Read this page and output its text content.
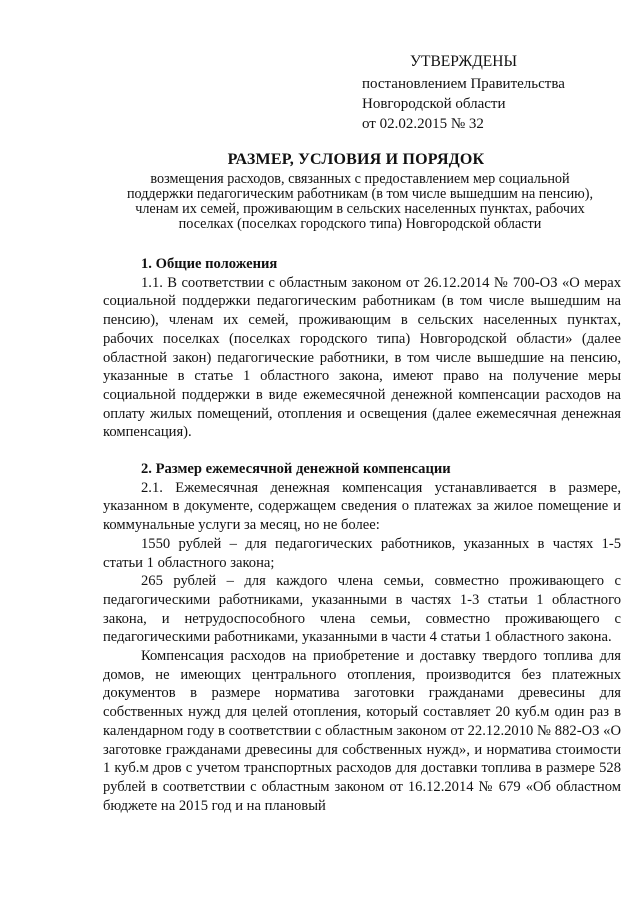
УТВЕРЖДЕНЫ
постановлением Правительства
Новгородской области
от 02.02.2015 № 32
РАЗМЕР, УСЛОВИЯ И ПОРЯДОК
возмещения расходов, связанных с предоставлением мер социальной поддержки педагогическим работникам (в том числе вышедшим на пенсию), членам их семей, проживающим в сельских населенных пунктах, рабочих поселках (поселках городского типа) Новгородской области
1. Общие положения

1.1. В соответствии с областным законом от 26.12.2014 № 700-ОЗ «О мерах социальной поддержки педагогическим работникам (в том числе вышедшим на пенсию), членам их семей, проживающим в сельских населенных пунктах, рабочих поселках (поселках городского типа) Новгородской области» (далее областной закон) педагогические работники, в том числе вышедшие на пенсию, указанные в статье 1 областного закона, имеют право на получение меры социальной поддержки в виде ежемесячной денежной компенсации расходов на оплату жилых помещений, отопления и освещения (далее ежемесячная денежная компенсация).

2. Размер ежемесячной денежной компенсации

2.1. Ежемесячная денежная компенсация устанавливается в размере, указанном в документе, содержащем сведения о платежах за жилое помещение и коммунальные услуги за месяц, но не более:

1550 рублей – для педагогических работников, указанных в частях 1-5 статьи 1 областного закона;

265 рублей – для каждого члена семьи, совместно проживающего с педагогическими работниками, указанными в частях 1-3 статьи 1 областного закона, и нетрудоспособного члена семьи, совместно проживающего с педагогическими работниками, указанными в части 4 статьи 1 областного закона.

Компенсация расходов на приобретение и доставку твердого топлива для домов, не имеющих центрального отопления, производится без платежных документов в размере норматива заготовки гражданами древесины для собственных нужд для целей отопления, который составляет 20 куб.м один раз в календарном году в соответствии с областным законом от 22.12.2010 № 882-ОЗ «О заготовке гражданами древесины для собственных нужд», и норматива стоимости 1 куб.м дров с учетом транспортных расходов для доставки топлива в размере 528 рублей в соответствии с областным законом от 16.12.2014 № 679 «Об областном бюджете на 2015 год и на плановый
